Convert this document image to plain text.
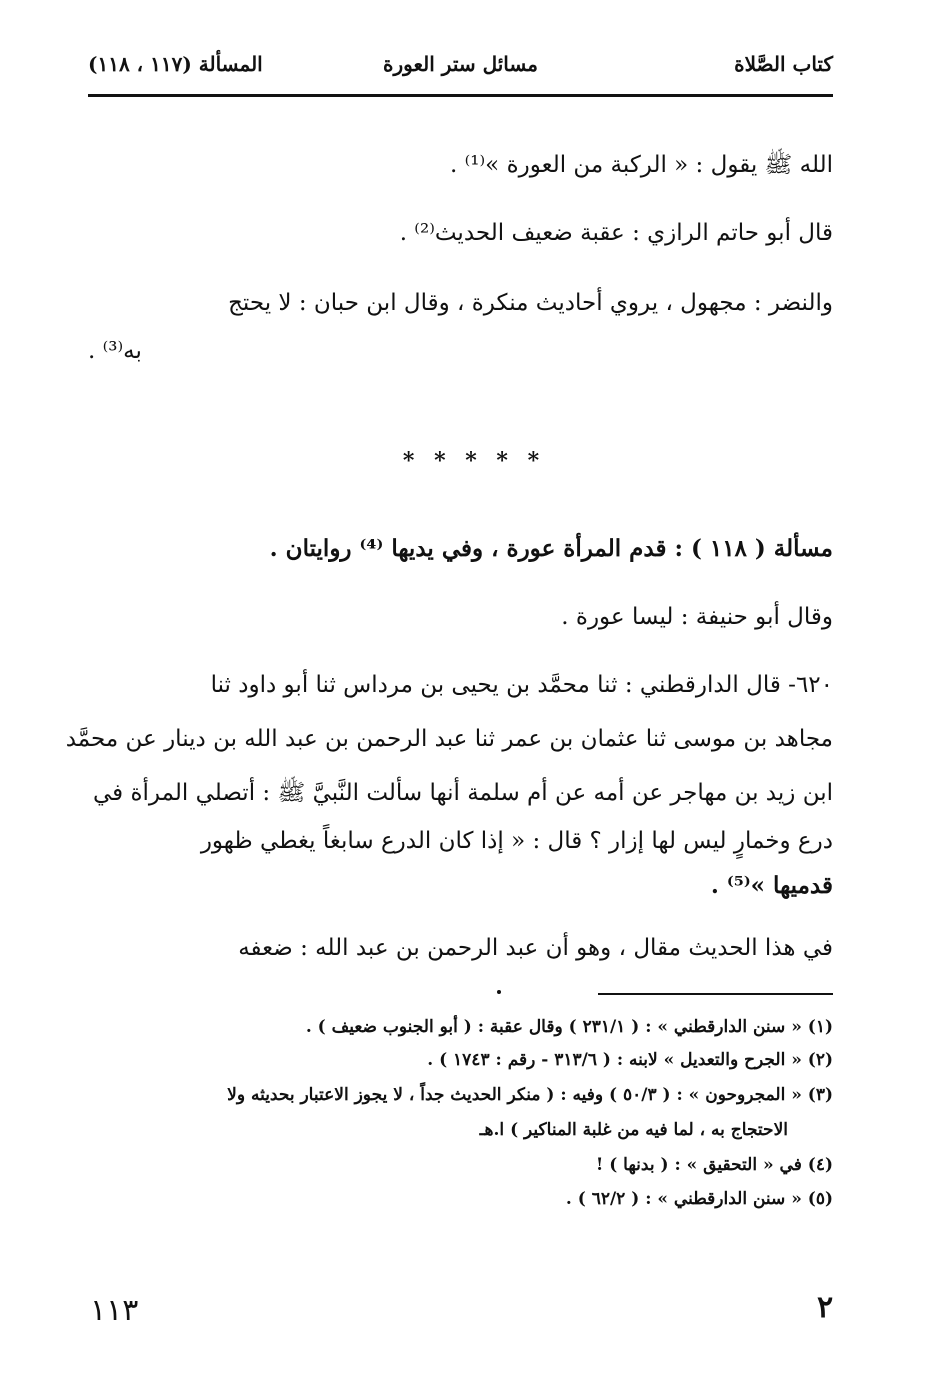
كتاب الصَّلاة
مسائل ستر العورة
المسألة (١١٧ ، ١١٨)
الله ﷺ يقول : « الركبة من العورة »⁽¹⁾ .
قال أبو حاتم الرازي : عقبة ضعيف الحديث⁽²⁾ .
والنضر : مجهول ، يروي أحاديث منكرة ، وقال ابن حبان : لا يحتج
به⁽³⁾ .
* * * * *
مسألة ( ١١٨ ) : قدم المرأة عورة ، وفي يديها ⁽⁴⁾ روايتان .
وقال أبو حنيفة : ليسا عورة .
٦٢٠- قال الدارقطني : ثنا محمَّد بن يحيى بن مرداس ثنا أبو داود ثنا
مجاهد بن موسى ثنا عثمان بن عمر ثنا عبد الرحمن بن عبد الله بن دينار عن محمَّد
ابن زيد بن مهاجر عن أمه عن أم سلمة أنها سألت النَّبيَّ ﷺ : أتصلي المرأة في
درع وخمارٍ ليس لها إزار ؟ قال : « إذا كان الدرع سابغاً يغطي ظهور
قدميها »⁽⁵⁾ .
في هذا الحديث مقال ، وهو أن عبد الرحمن بن عبد الله : ضعفه
(١) « سنن الدارقطني » : ( ٢٣١/١ ) وقال عقبة : ( أبو الجنوب ضعيف ) .
(٢) « الجرح والتعديل » لابنه : ( ٣١٣/٦ - رقم : ١٧٤٣ ) .
(٣) « المجروحون » : ( ٥٠/٣ ) وفيه : ( منكر الحديث جداً ، لا يجوز الاعتبار بحديثه ولا
الاحتجاج به ، لما فيه من غلبة المناكير ) ا.هـ
(٤) في « التحقيق » : ( بدنها ) !
(٥) « سنن الدارقطني » : ( ٦٢/٢ ) .
١١٣	٢
